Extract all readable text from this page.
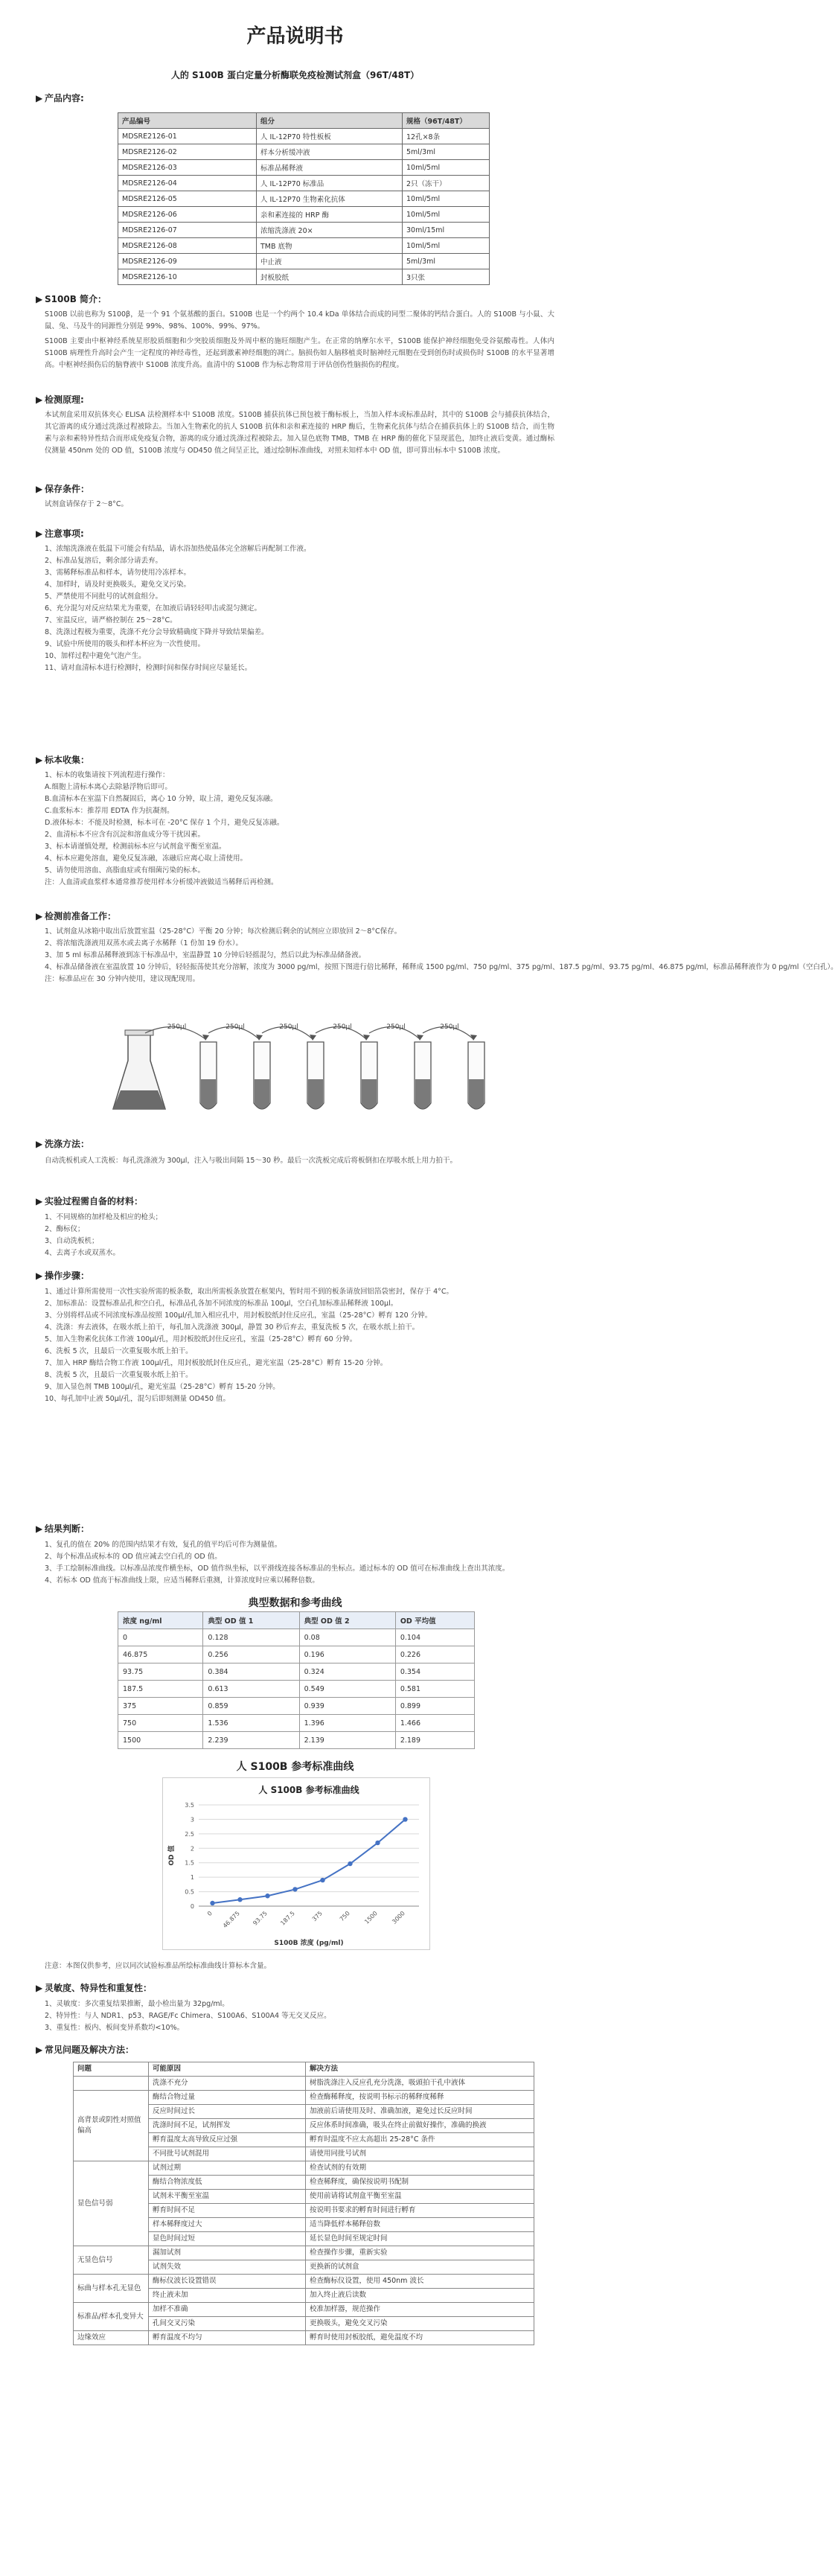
产品说明书
人的 S100B 蛋白定量分析酶联免疫检测试剂盒（96T/48T）
▶ 产品内容:
产品编号	组分	规格（96T/48T）
MDSRE2126-01	人 IL-12P70 特性板板	12孔×8条
MDSRE2126-02	样本分析缓冲液	5ml/3ml
MDSRE2126-03	标准品稀释液	10ml/5ml
MDSRE2126-04	人 IL-12P70 标准品	2只（冻干）
MDSRE2126-05	人 IL-12P70 生物素化抗体	10ml/5ml
MDSRE2126-06	亲和素连接的 HRP 酶	10ml/5ml
MDSRE2126-07	浓缩洗涤液 20×	30ml/15ml
MDSRE2126-08	TMB 底物	10ml/5ml
MDSRE2126-09	中止液	5ml/3ml
MDSRE2126-10	封板胶纸	3只张
▶ S100B 简介：
S100B 以前也称为 S100β，是一个 91 个氨基酸的蛋白。S100B 也是一个约两个 10.4 kDa 单体结合而成的同型二聚体的钙结合蛋白。人的 S100B 与小鼠、大鼠、兔、马及牛的同源性分别是 99%、98%、100%、99%、97%。
S100B 主要由中枢神经系统星形胶质细胞和少突胶质细胞及外周中枢的施旺细胞产生。在正常的纳摩尔水平，S100B 能保护神经细胞免受谷氨酸毒性。人体内 S100B 病理性升高时会产生一定程度的神经毒性，还起到激素神经细胞的凋亡。脑损伤如人脑移植炎时脑神经元细胞在受到创伤时或损伤时 S100B 的水平显著增高。中枢神经损伤后的脑脊液中 S100B 浓度升高。血清中的 S100B 作为标志物常用于评估创伤性脑损伤的程度。
▶ 检测原理:
本试剂盒采用双抗体夹心 ELISA 法检测样本中 S100B 浓度。S100B 捕获抗体已预包被于酶标板上，当加入样本或标准品时，其中的 S100B 会与捕获抗体结合，其它游离的成分通过洗涤过程被除去。当加入生物素化的抗人 S100B 抗体和亲和素连接的 HRP 酶后，生物素化抗体与结合在捕获抗体上的 S100B 结合，而生物素与亲和素特异性结合而形成免疫复合物，游离的成分通过洗涤过程被除去。加入显色底物 TMB，TMB 在 HRP 酶的催化下显现蓝色，加终止液后变黄。通过酶标仪测量 450nm 处的 OD 值，S100B 浓度与 OD450 值之间呈正比，通过绘制标准曲线，对照未知样本中 OD 值，即可算出标本中 S100B 浓度。
▶ 保存条件：
试剂盒请保存于 2～8°C。
▶ 注意事项:
1、浓缩洗涤液在低温下可能会有结晶，请水浴加热使晶体完全溶解后再配制工作液。
2、标准品复溶后，剩余部分请丢弃。
3、需稀释标准品和样本，请勿使用冷冻样本。
4、加样时，请及时更换吸头，避免交叉污染。
5、严禁使用不同批号的试剂盒组分。
6、充分混匀对反应结果尤为重要，在加液后请轻轻叩击或混匀测定。
7、室温反应，请严格控制在 25～28°C。
8、洗涤过程极为重要，洗涤不充分会导致精确度下降并导致结果偏差。
9、试验中所使用的吸头和样本杯应为一次性使用。
10、加样过程中避免气泡产生。
11、请对血清标本进行检测时，检测时间和保存时间应尽量延长。
▶ 标本收集：
1、标本的收集请按下列流程进行操作：
A.细胞上清标本离心去除悬浮物后即可。
B.血清标本在室温下自然凝固后，离心 10 分钟，取上清，避免反复冻融。
C.血浆标本：推荐用 EDTA 作为抗凝剂。
D.液体标本：不能及时检测，标本可在 -20°C 保存 1 个月，避免反复冻融。
2、血清标本不应含有沉淀和溶血成分等干扰因素。
3、标本请谨慎处理，检测前标本应与试剂盒平衡至室温。
4、标本应避免溶血，避免反复冻融，冻融后应离心取上清使用。
5、请勿使用溶血、高脂血症或有细菌污染的标本。
注：人血清或血浆样本通常推荐使用样本分析缓冲液做适当稀释后再检测。
▶ 检测前准备工作：
1、试剂盒从冰箱中取出后放置室温（25-28°C）平衡 20 分钟；每次检测后剩余的试剂应立即放回 2～8°C保存。
2、将浓缩洗涤液用双蒸水或去离子水稀释（1 份加 19 份水）。
3、加 5 ml 标准品稀释液到冻干标准品中，室温静置 10 分钟后轻摇混匀，然后以此为标准品储备液。
4、标准品储备液在室温放置 10 分钟后，轻轻振荡使其充分溶解，浓度为 3000 pg/ml，按照下图进行倍比稀释，稀释成 1500 pg/ml、750 pg/ml、375 pg/ml、187.5 pg/ml、93.75 pg/ml、46.875 pg/ml，标准品稀释液作为 0 pg/ml（空白孔）。
注：标准品应在 30 分钟内使用，建议现配现用。
250μl	250μl	250μl	250μl	250μl	250μl
▶ 洗涤方法：
自动洗板机或人工洗板：每孔洗涤液为 300μl，注入与吸出间隔 15～30 秒。最后一次洗板完成后将板倒扣在厚吸水纸上用力拍干。
▶ 实验过程需自备的材料：
1、不同规格的加样枪及相应的枪头；
2、酶标仪；
3、自动洗板机；
4、去离子水或双蒸水。
▶ 操作步骤：
1、通过计算所需使用一次性实验所需的板条数，取出所需板条放置在框架内，暂时用不到的板条请放回铝箔袋密封，保存于 4°C。
2、加标准品：设置标准品孔和空白孔，标准品孔各加不同浓度的标准品 100μl，空白孔加标准品稀释液 100μl。
3、分别将样品或不同浓度标准品按照 100μl/孔加入相应孔中，用封板胶纸封住反应孔，室温（25-28°C）孵育 120 分钟。
4、洗涤：弃去液体，在吸水纸上拍干，每孔加入洗涤液 300μl，静置 30 秒后弃去，重复洗板 5 次，在吸水纸上拍干。
5、加入生物素化抗体工作液 100μl/孔，用封板胶纸封住反应孔，室温（25-28°C）孵育 60 分钟。
6、洗板 5 次，且最后一次重复吸水纸上拍干。
7、加入 HRP 酶结合物工作液 100μl/孔，用封板胶纸封住反应孔，避光室温（25-28°C）孵育 15-20 分钟。
8、洗板 5 次，且最后一次重复吸水纸上拍干。
9、加入显色剂 TMB 100μl/孔，避光室温（25-28°C）孵育 15-20 分钟。
10、每孔加中止液 50μl/孔，混匀后即刻测量 OD450 值。
▶ 结果判断：
1、复孔的值在 20% 的范围内结果才有效，复孔的值平均后可作为测量值。
2、每个标准品或标本的 OD 值应减去空白孔的 OD 值。
3、手工绘制标准曲线。以标准品浓度作横坐标，OD 值作纵坐标，以平滑线连接各标准品的坐标点。通过标本的 OD 值可在标准曲线上查出其浓度。
4、若标本 OD 值高于标准曲线上限，应适当稀释后重测，计算浓度时应乘以稀释倍数。
典型数据和参考曲线
浓度 ng/ml	典型 OD 值 1	典型 OD 值 2	OD 平均值
0	0.128	0.08	0.104
46.875	0.256	0.196	0.226
93.75	0.384	0.324	0.354
187.5	0.613	0.549	0.581
375	0.859	0.939	0.899
750	1.536	1.396	1.466
1500	2.239	2.139	2.189
人 S100B 参考标准曲线
人 S100B 参考标准曲线
0
0.5
1
1.5
2
2.5
3
3.5
0 46.875 93.75 187.5 375 750 1500 3000
OD 值
S100B 浓度 (pg/ml)
注意：本图仅供参考，应以同次试验标准品所绘标准曲线计算标本含量。
▶ 灵敏度、特异性和重复性：
1、灵敏度：多次重复结果推断，最小检出量为 32pg/ml。
2、特异性：与人 NDR1、p53、RAGE/Fc Chimera、S100A6、S100A4 等无交叉反应。
3、重复性：板内、板间变异系数均<10%。
▶ 常见问题及解决方法：
问题	可能原因	解决方法
	洗涤不充分	树脂洗涤注入反应孔充分洗涤，吸頭拍干孔中液体
高背景或阴性对照值偏高	酶结合物过量	检查酶稀释度，按说明书标示的稀释度稀释
	反应时间过长	加液前后请使用及时、准确加液，避免过长反应时间
	洗涤时间不足，试剂挥发	反应体系时间准确，吸头在终止前做好操作，准确的换液
	孵育温度太高导致反应过强	孵育时温度不应太高超出 25-28°C 条件
	不同批号试剂混用	请使用同批号试剂
显色信号弱	试剂过期	检查试剂的有效期
	酶结合物浓度低	检查稀释度，确保按说明书配制
	试剂未平衡至室温	使用前请将试剂盒平衡至室温
	孵育时间不足	按说明书要求的孵育时间进行孵育
	样本稀释度过大	适当降低样本稀释倍数
	显色时间过短	延长显色时间至规定时间
无显色信号	漏加试剂	检查操作步骤，重新实验
	试剂失效	更换新的试剂盒
标曲与样本孔无显色	酶标仪波长设置错误	检查酶标仪设置，使用 450nm 波长
	终止液未加	加入终止液后读数
标准品/样本孔变异大	加样不准确	校准加样器，规范操作
	孔间交叉污染	更换吸头，避免交叉污染
边缘效应	孵育温度不均匀	孵育时使用封板胶纸，避免温度不均
